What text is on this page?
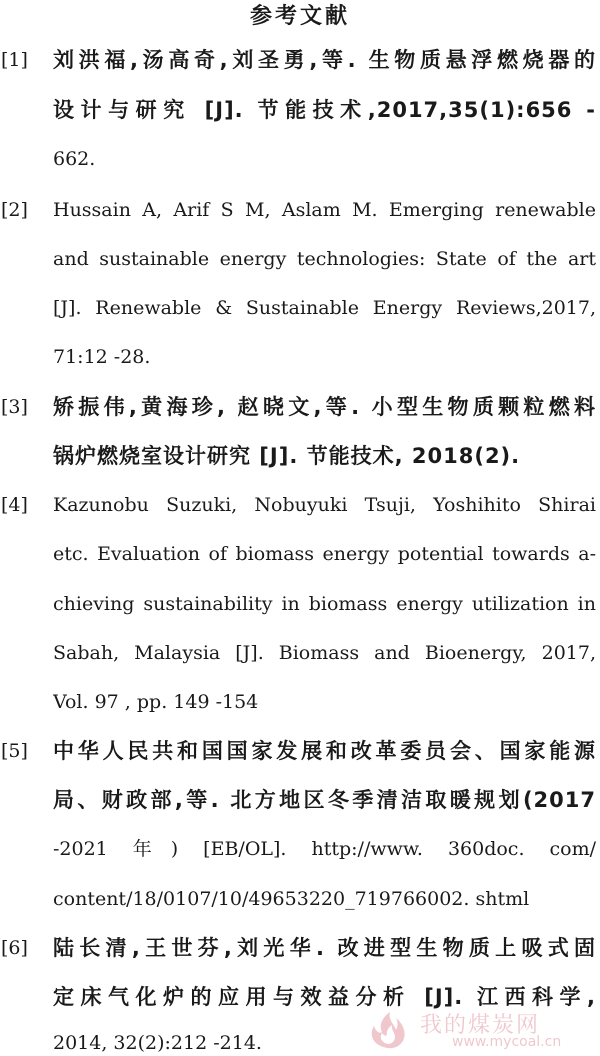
参考文献
[1]	刘洪福,汤高奇,刘圣勇,等. 生物质悬浮燃烧器的
设计与研究 [J]. 节能技术,2017,35(1):656 -
662.
[2]	Hussain A, Arif S M, Aslam M. Emerging renewable
and sustainable energy technologies: State of the art
[J]. Renewable & Sustainable Energy Reviews,2017,
71:12 -28.
[3]	矫振伟,黄海珍, 赵晓文,等. 小型生物质颗粒燃料
锅炉燃烧室设计研究 [J]. 节能技术, 2018(2).
[4]	Kazunobu Suzuki, Nobuyuki Tsuji, Yoshihito Shirai
etc. Evaluation of biomass energy potential towards a-
chieving sustainability in biomass energy utilization in
Sabah, Malaysia [J]. Biomass and Bioenergy, 2017,
Vol. 97 , pp. 149 -154
[5]	中华人民共和国国家发展和改革委员会、国家能源
局、财政部,等. 北方地区冬季清洁取暖规划(2017
-2021 年) [EB/OL]. http://www. 360doc. com/
content/18/0107/10/49653220_719766002. shtml
[6]	陆长清,王世芬,刘光华. 改进型生物质上吸式固
定床气化炉的应用与效益分析 [J]. 江西科学,
2014, 32(2):212 -214.
我的煤炭网
www.mycoal.cn
